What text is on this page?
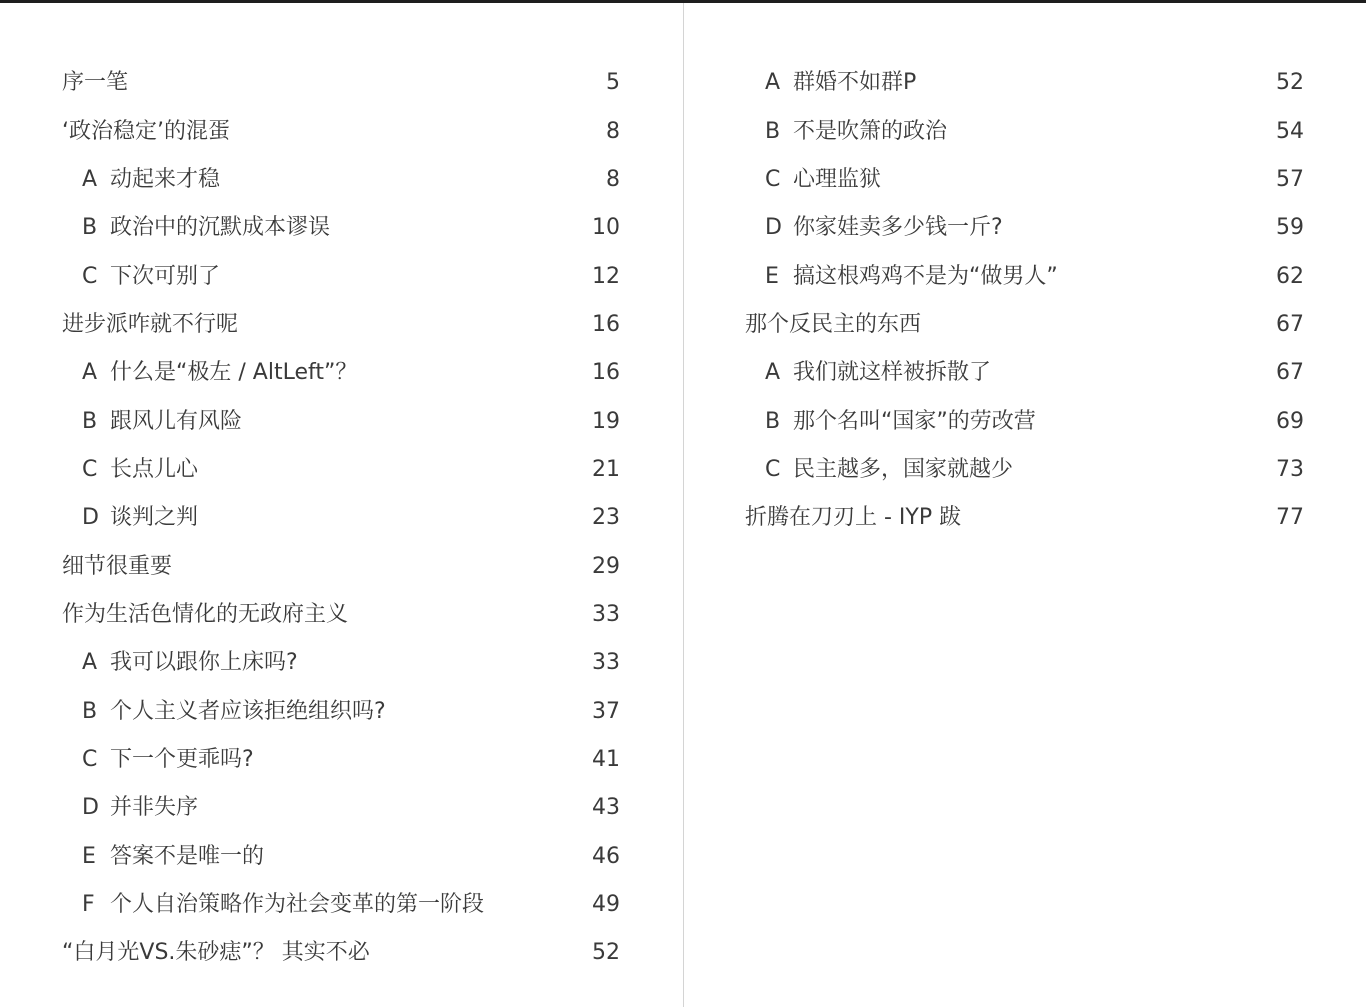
序一笔	5
‘政治稳定’的混蛋	8
A 动起来才稳	8
B 政治中的沉默成本谬误	10
C 下次可别了	12
进步派咋就不行呢	16
A 什么是“极左 / AltLeft”？	16
B 跟风儿有风险	19
C 长点儿心	21
D 谈判之判	23
细节很重要	29
作为生活色情化的无政府主义	33
A 我可以跟你上床吗?	33
B 个人主义者应该拒绝组织吗?	37
C 下一个更乖吗?	41
D 并非失序	43
E 答案不是唯一的	46
F 个人自治策略作为社会变革的第一阶段	49
“白月光VS.朱砂痣”？ 其实不必	52
A 群婚不如群P	52
B 不是吹箫的政治	54
C 心理监狱	57
D 你家娃卖多少钱一斤?	59
E 搞这根鸡鸡不是为“做男人”	62
那个反民主的东西	67
A 我们就这样被拆散了	67
B 那个名叫“国家”的劳改营	69
C 民主越多，国家就越少	73
折腾在刀刃上 - IYP 跋	77
